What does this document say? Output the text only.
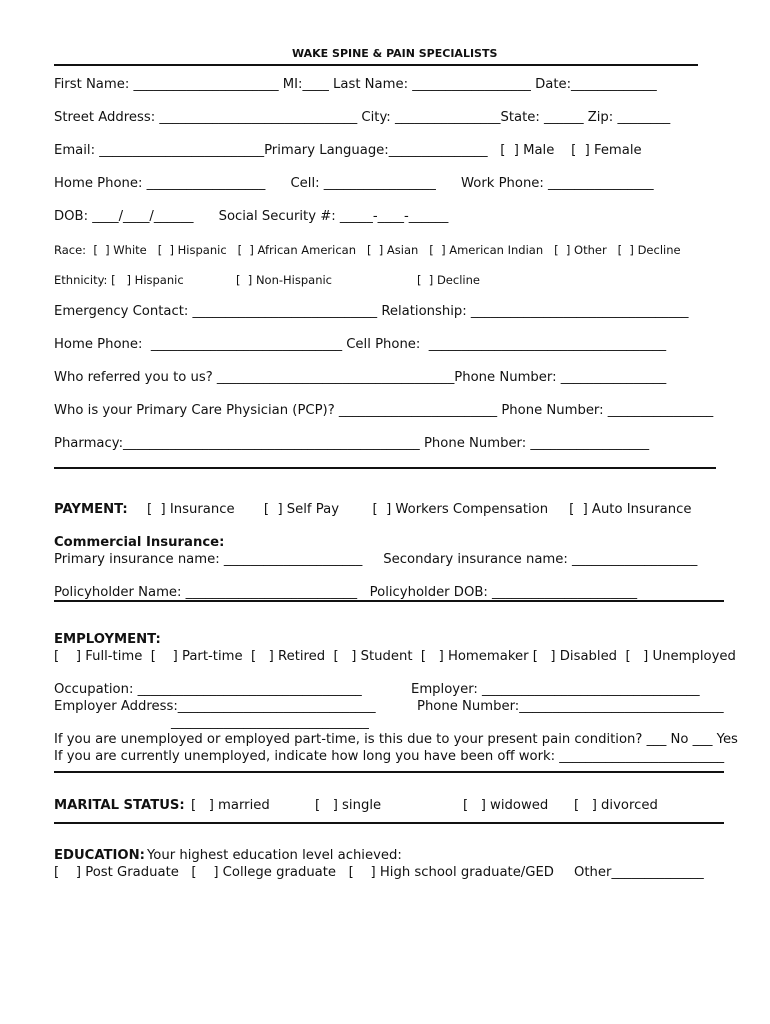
WAKE SPINE & PAIN SPECIALISTS
First Name: ______________________ MI:____ Last Name: __________________ Date:_____________
Street Address: ______________________________ City: ________________State: ______ Zip: ________
Email: _________________________Primary Language:_______________   [  ] Male    [  ] Female
Home Phone: __________________      Cell: _________________      Work Phone: ________________
DOB: ____/____/______      Social Security #: _____-____-______
Race:  [  ] White   [  ] Hispanic   [  ] African American   [  ] Asian   [  ] American Indian   [  ] Other   [  ] Decline
Ethnicity: [   ] Hispanic	[  ] Non-Hispanic	[  ] Decline
Emergency Contact: ____________________________ Relationship: _________________________________
Home Phone:  _____________________________ Cell Phone:  ____________________________________
Who referred you to us? ____________________________________Phone Number: ________________
Who is your Primary Care Physician (PCP)? ________________________ Phone Number: ________________
Pharmacy:_____________________________________________ Phone Number: __________________
PAYMENT: [  ] Insurance       [  ] Self Pay        [  ] Workers Compensation     [  ] Auto Insurance
Commercial Insurance:
Primary insurance name: _____________________     Secondary insurance name: ___________________
Policyholder Name: __________________________   Policyholder DOB: ______________________
EMPLOYMENT:
[    ] Full-time  [    ] Part-time  [   ] Retired  [   ] Student  [   ] Homemaker [   ] Disabled  [   ] Unemployed
Occupation: __________________________________	Employer: _________________________________
Employer Address:______________________________	Phone Number:_______________________________
______________________________
If you are unemployed or employed part-time, is this due to your present pain condition? ___ No ___ Yes
If you are currently unemployed, indicate how long you have been off work: _________________________
MARITAL STATUS: [   ] married	[   ] single	[   ] widowed [   ] divorced
EDUCATION: Your highest education level achieved:
[    ] Post Graduate   [    ] College graduate   [    ] High school graduate/GED Other______________
